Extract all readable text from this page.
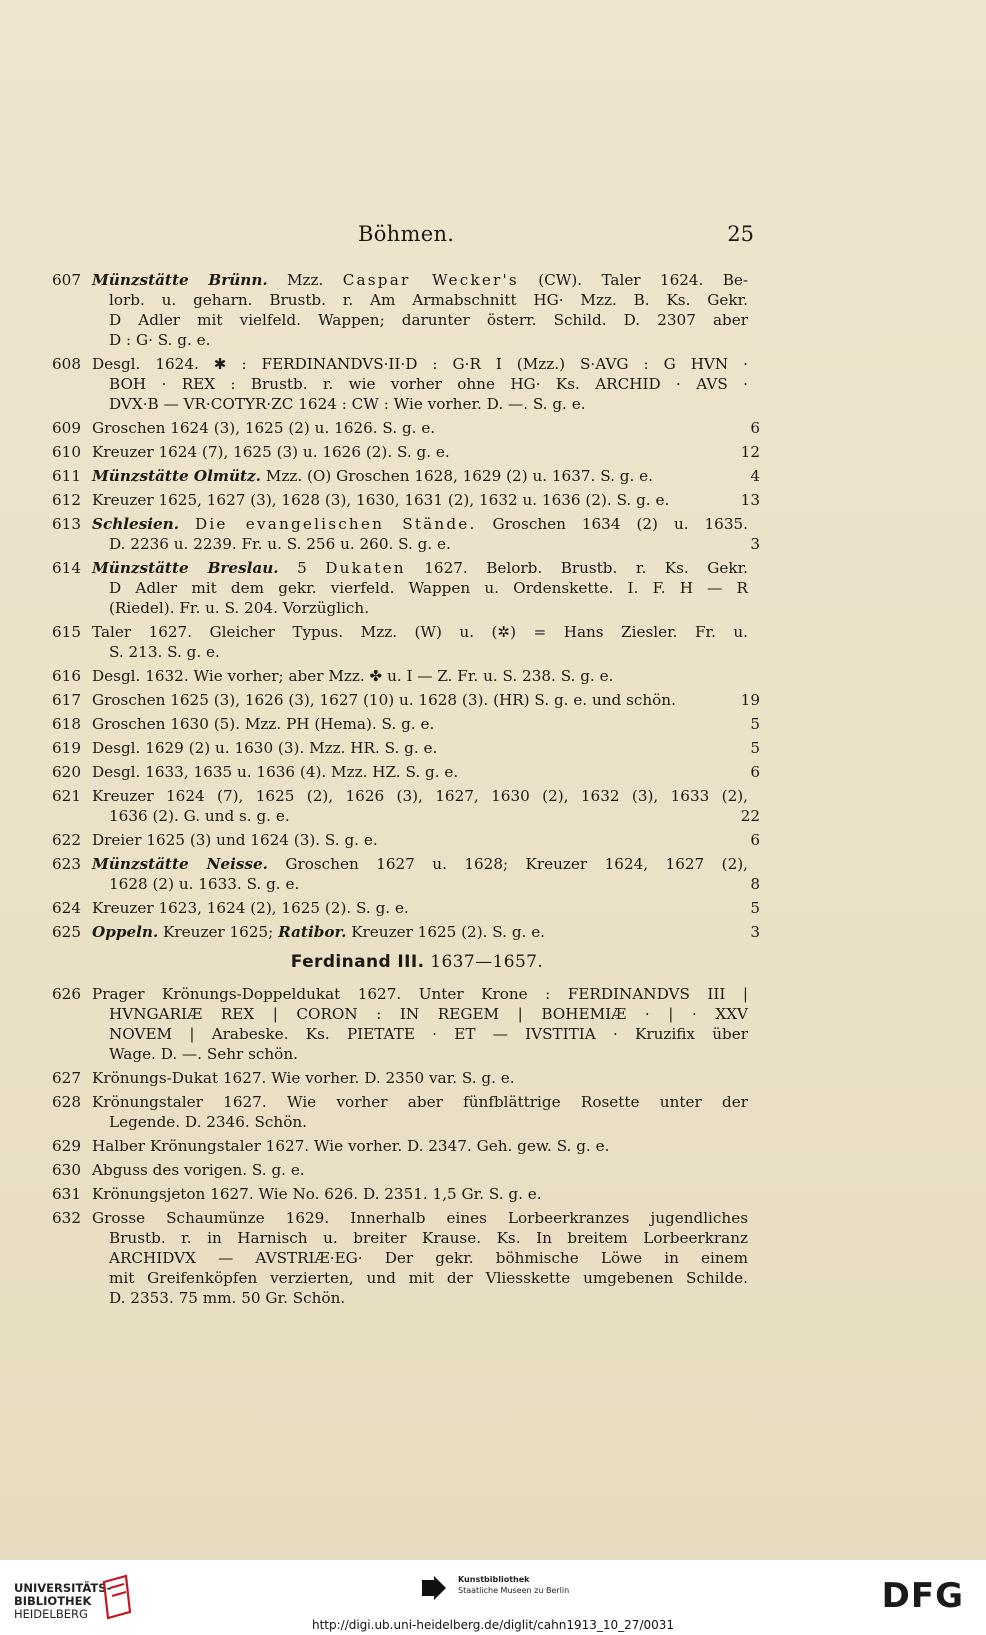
Böhmen.	25
607 Münzstätte Brünn. Mzz. Caspar Wecker's (CW). Taler 1624. Be-
lorb. u. geharn. Brustb. r. Am Armabschnitt HG· Mzz. B. Ks. Gekr.
D Adler mit vielfeld. Wappen; darunter österr. Schild. D. 2307 aber
D : G· S. g. e.
608 Desgl. 1624. ✱ : FERDINANDVS·II·D : G·R I (Mzz.) S·AVG : G HVN ·
BOH · REX : Brustb. r. wie vorher ohne HG· Ks. ARCHID · AVS ·
DVX·B — VR·COTYR·ZC 1624 : CW : Wie vorher. D. —. S. g. e.
609 Groschen 1624 (3), 1625 (2) u. 1626. S. g. e.	6
610 Kreuzer 1624 (7), 1625 (3) u. 1626 (2). S. g. e.	12
611 Münzstätte Olmütz. Mzz. (O) Groschen 1628, 1629 (2) u. 1637. S. g. e.	4
612 Kreuzer 1625, 1627 (3), 1628 (3), 1630, 1631 (2), 1632 u. 1636 (2). S. g. e.	13
613 Schlesien. Die evangelischen Stände. Groschen 1634 (2) u. 1635.
D. 2236 u. 2239. Fr. u. S. 256 u. 260. S. g. e.	3
614 Münzstätte Breslau. 5 Dukaten 1627. Belorb. Brustb. r. Ks. Gekr.
D Adler mit dem gekr. vierfeld. Wappen u. Ordenskette. I. F. H — R
(Riedel). Fr. u. S. 204. Vorzüglich.
615 Taler 1627. Gleicher Typus. Mzz. (W) u. (✲) = Hans Ziesler. Fr. u.
S. 213. S. g. e.
616 Desgl. 1632. Wie vorher; aber Mzz. ✤ u. I — Z. Fr. u. S. 238. S. g. e.
617 Groschen 1625 (3), 1626 (3), 1627 (10) u. 1628 (3). (HR) S. g. e. und schön.	19
618 Groschen 1630 (5). Mzz. PH (Hema). S. g. e.	5
619 Desgl. 1629 (2) u. 1630 (3). Mzz. HR. S. g. e.	5
620 Desgl. 1633, 1635 u. 1636 (4). Mzz. HZ. S. g. e.	6
621 Kreuzer 1624 (7), 1625 (2), 1626 (3), 1627, 1630 (2), 1632 (3), 1633 (2),
1636 (2). G. und s. g. e.	22
622 Dreier 1625 (3) und 1624 (3). S. g. e.	6
623 Münzstätte Neisse. Groschen 1627 u. 1628; Kreuzer 1624, 1627 (2),
1628 (2) u. 1633. S. g. e.	8
624 Kreuzer 1623, 1624 (2), 1625 (2). S. g. e.	5
625 Oppeln. Kreuzer 1625; Ratibor. Kreuzer 1625 (2). S. g. e.	3
Ferdinand III. 1637—1657.
626 Prager Krönungs-Doppeldukat 1627. Unter Krone : FERDINANDVS III |
HVNGARIÆ REX | CORON : IN REGEM | BOHEMIÆ · | · XXV
NOVEM | Arabeske. Ks. PIETATE · ET — IVSTITIA · Kruzifix über
Wage. D. —. Sehr schön.
627 Krönungs-Dukat 1627. Wie vorher. D. 2350 var. S. g. e.
628 Krönungstaler 1627. Wie vorher aber fünfblättrige Rosette unter der
Legende. D. 2346. Schön.
629 Halber Krönungstaler 1627. Wie vorher. D. 2347. Geh. gew. S. g. e.
630 Abguss des vorigen. S. g. e.
631 Krönungsjeton 1627. Wie No. 626. D. 2351. 1,5 Gr. S. g. e.
632 Grosse Schaumünze 1629. Innerhalb eines Lorbeerkranzes jugendliches
Brustb. r. in Harnisch u. breiter Krause. Ks. In breitem Lorbeerkranz
ARCHIDVX — AVSTRIÆ·EG· Der gekr. böhmische Löwe in einem
mit Greifenköpfen verzierten, und mit der Vliesskette umgebenen Schilde.
D. 2353. 75 mm. 50 Gr. Schön.
UNIVERSITÄTS-
BIBLIOTHEK
HEIDELBERG
Kunstbibliothek
Staatliche Museen zu Berlin	DFG
http://digi.ub.uni-heidelberg.de/diglit/cahn1913_10_27/0031
